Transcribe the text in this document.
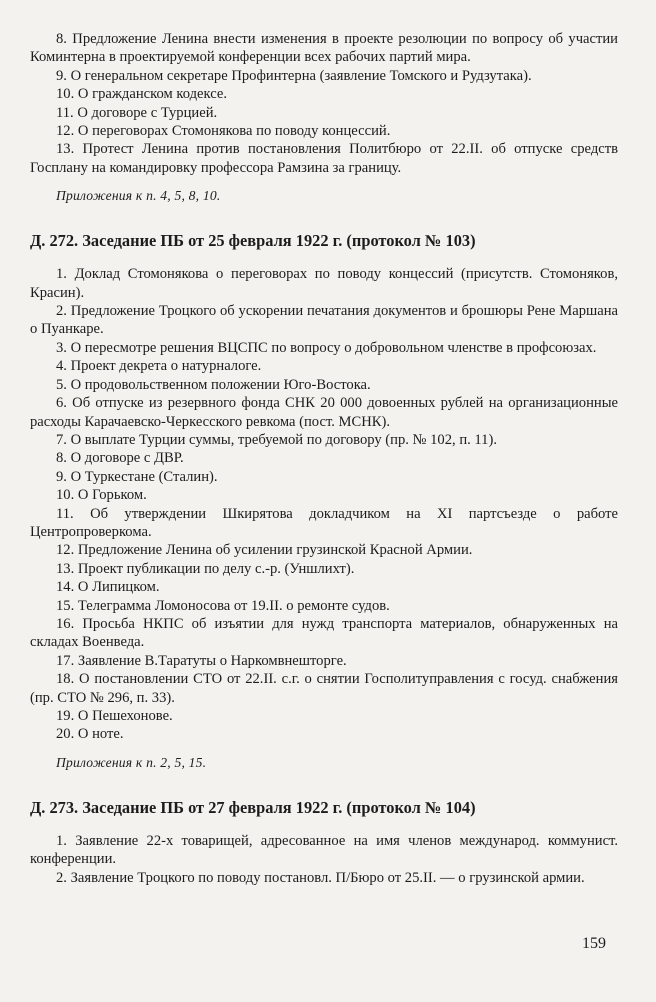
8. Предложение Ленина внести изменения в проекте резолюции по вопросу об участии Коминтерна в проектируемой конференции всех рабочих партий мира.

9. О генеральном секретаре Профинтерна (заявление Томского и Рудзутака).

10. О гражданском кодексе.

11. О договоре с Турцией.

12. О переговорах Стомонякова по поводу концессий.

13. Протест Ленина против постановления Политбюро от 22.II. об отпуске средств Госплану на командировку профессора Рамзина за границу.

Приложения к п. 4, 5, 8, 10.

Д. 272. Заседание ПБ от 25 февраля 1922 г. (протокол № 103)

1. Доклад Стомонякова о переговорах по поводу концессий (присутств. Стомоняков, Красин).

2. Предложение Троцкого об ускорении печатания документов и брошюры Рене Маршана о Пуанкаре.

3. О пересмотре решения ВЦСПС по вопросу о добровольном членстве в профсоюзах.

4. Проект декрета о натурналоге.

5. О продовольственном положении Юго-Востока.

6. Об отпуске из резервного фонда СНК 20 000 довоенных рублей на организационные расходы Карачаевско-Черкесского ревкома (пост. МСНК).

7. О выплате Турции суммы, требуемой по договору (пр. № 102, п. 11).

8. О договоре с ДВР.

9. О Туркестане (Сталин).

10. О Горьком.

11. Об утверждении Шкирятова докладчиком на XI партсъезде о работе Центропроверкома.

12. Предложение Ленина об усилении грузинской Красной Армии.

13. Проект публикации по делу с.-р. (Уншлихт).

14. О Липицком.

15. Телеграмма Ломоносова от 19.II. о ремонте судов.

16. Просьба НКПС об изъятии для нужд транспорта материалов, обнаруженных на складах Военведа.

17. Заявление В.Таратуты о Наркомвнешторге.

18. О постановлении СТО от 22.II. с.г. о снятии Госполитуправления с госуд. снабжения (пр. СТО № 296, п. 33).

19. О Пешехонове.

20. О ноте.

Приложения к п. 2, 5, 15.

Д. 273. Заседание ПБ от 27 февраля 1922 г. (протокол № 104)

1. Заявление 22-х товарищей, адресованное на имя членов международ. коммунист. конференции.

2. Заявление Троцкого по поводу постановл. П/Бюро от 25.II. — о грузинской армии.

159
